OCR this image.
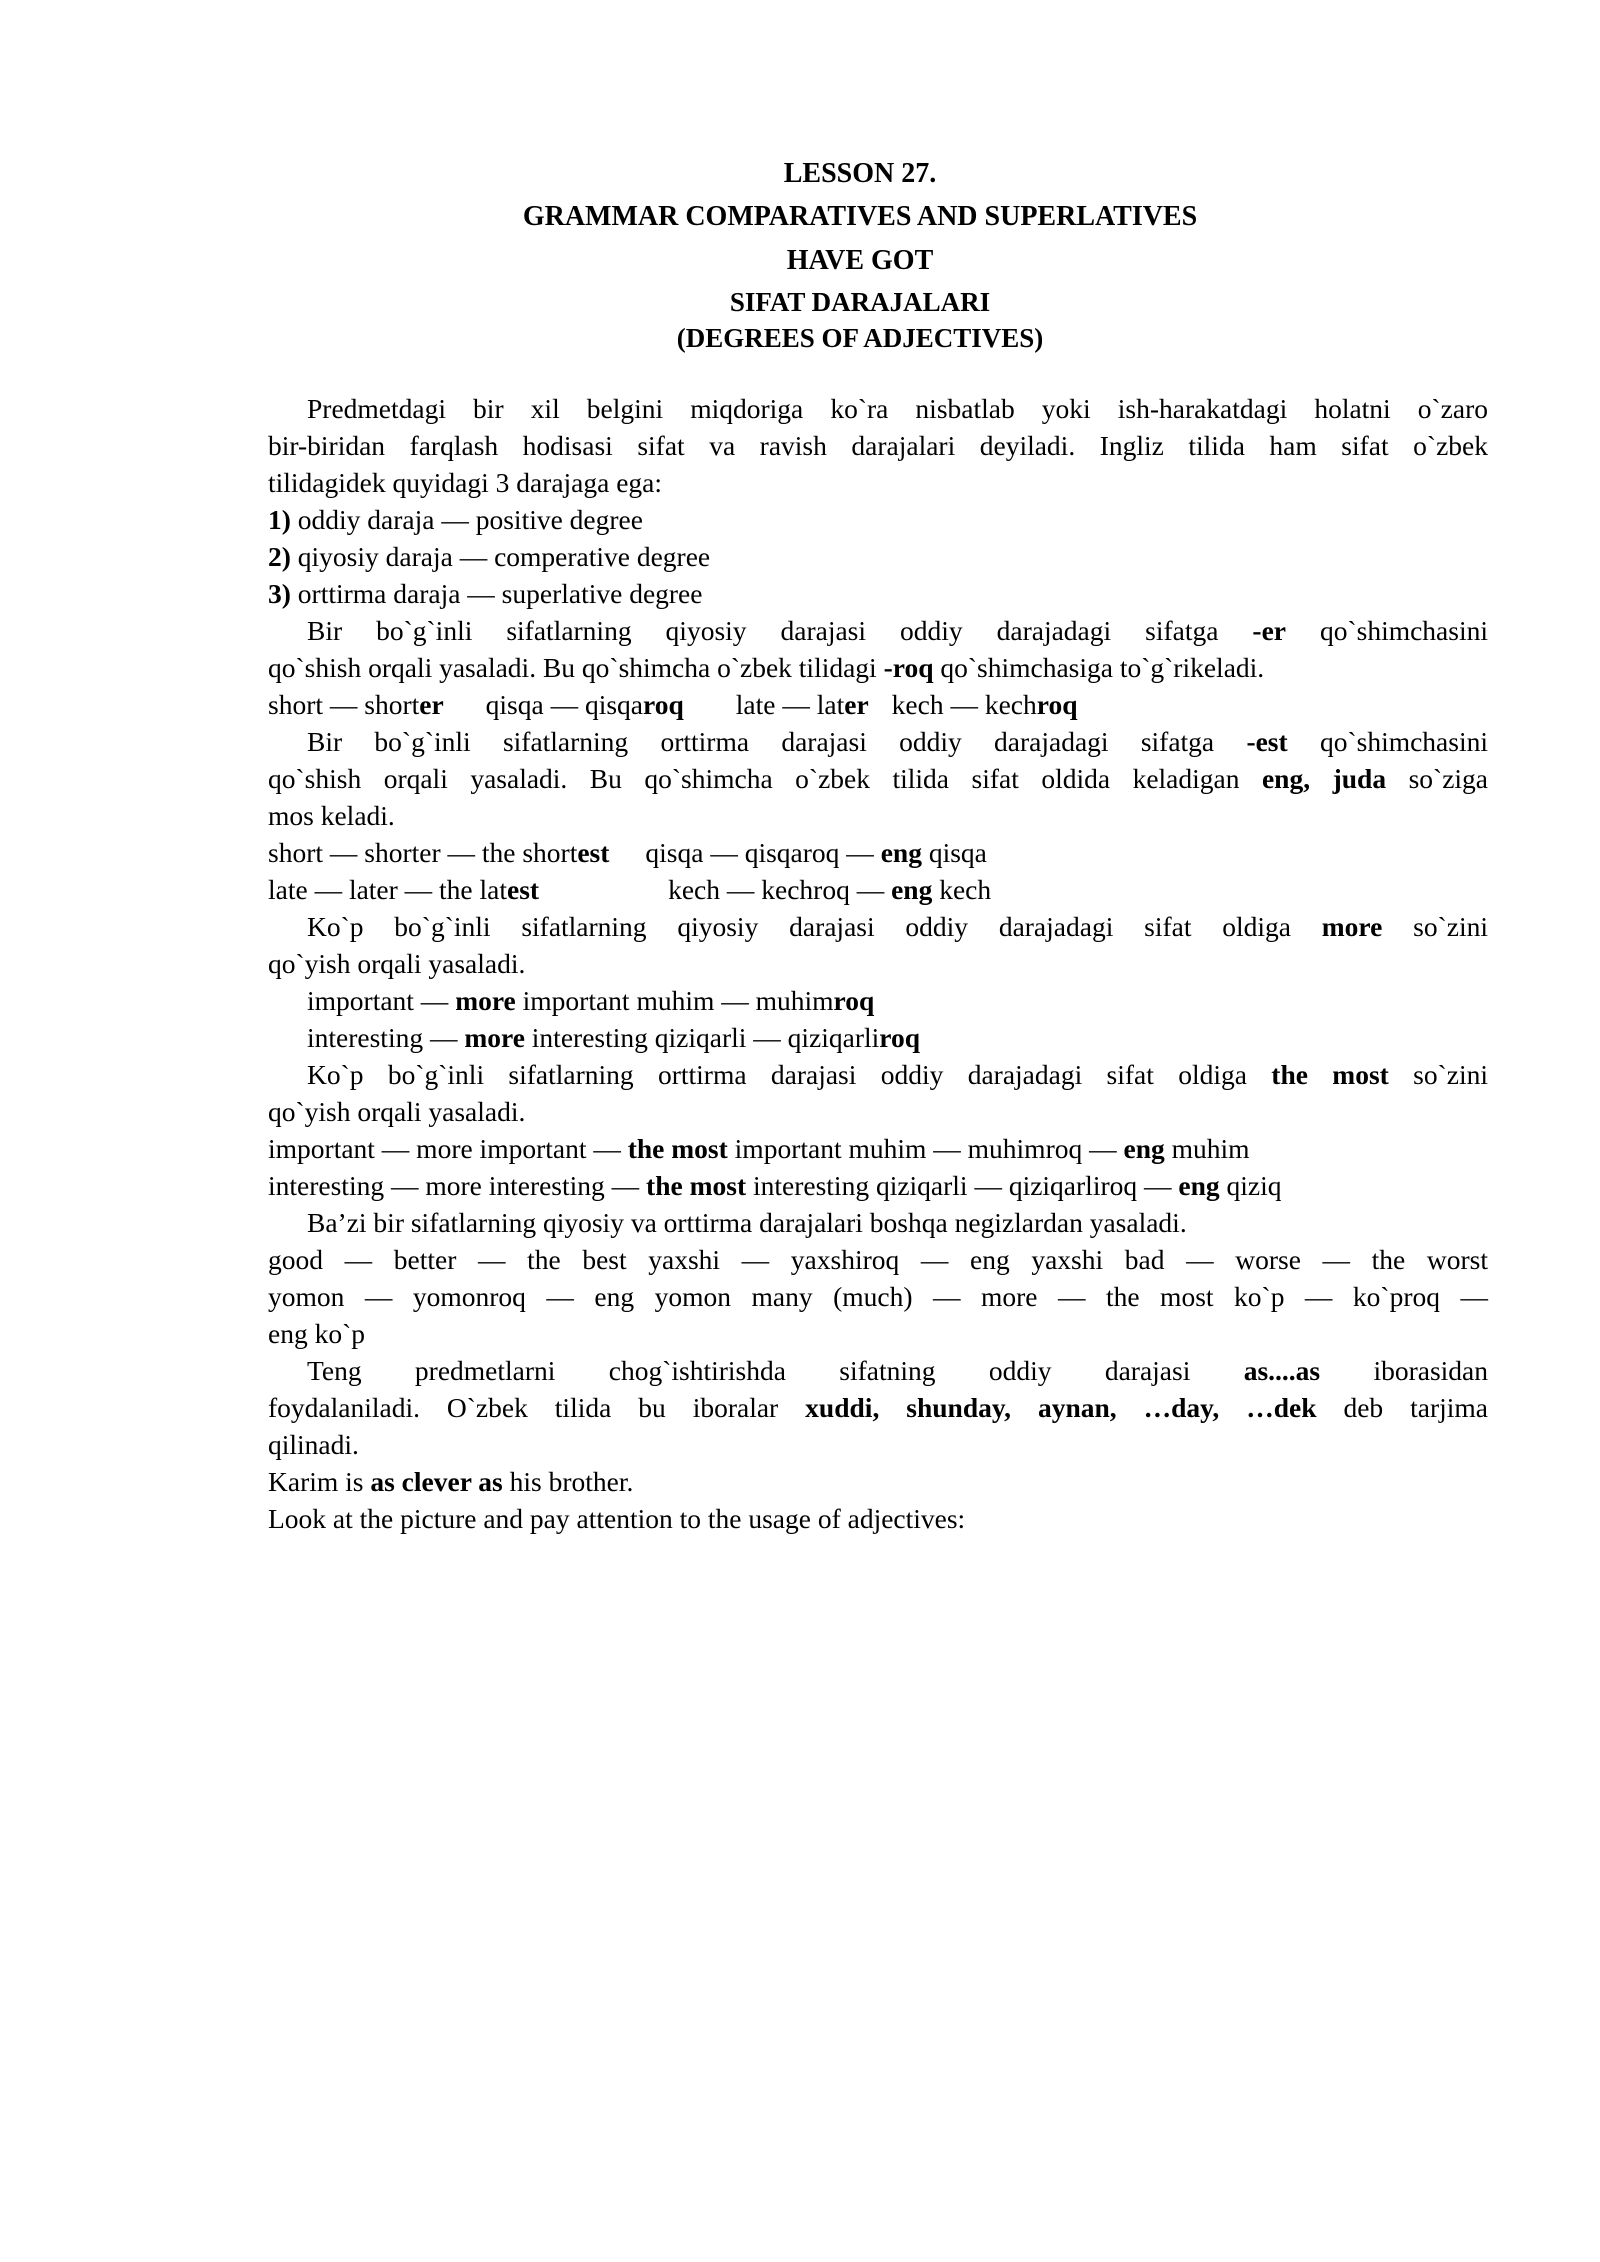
LESSON 27.
GRAMMAR COMPARATIVES AND SUPERLATIVES
HAVE GOT
SIFAT DARAJALARI
(DEGREES OF ADJECTIVES)
Predmetdagi bir xil belgini miqdoriga ko`ra nisbatlab yoki ish-harakatdagi holatni o`zaro
bir-biridan farqlash hodisasi sifat va ravish darajalari deyiladi. Ingliz tilida ham sifat o`zbek
tilidagidek quyidagi 3 darajaga ega:
1) oddiy daraja — positive degree
2) qiyosiy daraja — comperative degree
3) orttirma daraja — superlative degree
Bir bo`g`inli sifatlarning qiyosiy darajasi oddiy darajadagi sifatga -er qo`shimchasini
qo`shish orqali yasaladi. Bu qo`shimcha o`zbek tilidagi -roq qo`shimchasiga to`g`rikeladi.
short — shorter qisqa — qisqaroq late — later kech — kechroq
Bir bo`g`inli sifatlarning orttirma darajasi oddiy darajadagi sifatga -est qo`shimchasini
qo`shish orqali yasaladi. Bu qo`shimcha o`zbek tilida sifat oldida keladigan eng, juda so`ziga
mos keladi.
short — shorter — the shortest qisqa — qisqaroq — eng qisqa
late — later — the latest	kech — kechroq — eng kech
Ko`p bo`g`inli sifatlarning qiyosiy darajasi oddiy darajadagi sifat oldiga more so`zini
qo`yish orqali yasaladi.
important — more important muhim — muhimroq
interesting — more interesting qiziqarli — qiziqarliroq
Ko`p bo`g`inli sifatlarning orttirma darajasi oddiy darajadagi sifat oldiga the most so`zini
qo`yish orqali yasaladi.
important — more important — the most important muhim — muhimroq — eng muhim
interesting — more interesting — the most interesting qiziqarli — qiziqarliroq — eng qiziq
Ba’zi bir sifatlarning qiyosiy va orttirma darajalari boshqa negizlardan yasaladi.
good — better — the best yaxshi — yaxshiroq — eng yaxshi bad — worse — the worst
yomon — yomonroq — eng yomon many (much) — more — the most ko`p — ko`proq —
eng ko`p
Teng predmetlarni chog`ishtirishda sifatning oddiy darajasi as....as iborasidan
foydalaniladi. O`zbek tilida bu iboralar xuddi, shunday, aynan, …day, …dek deb tarjima
qilinadi.
Karim is as clever as his brother.
Look at the picture and pay attention to the usage of adjectives:
